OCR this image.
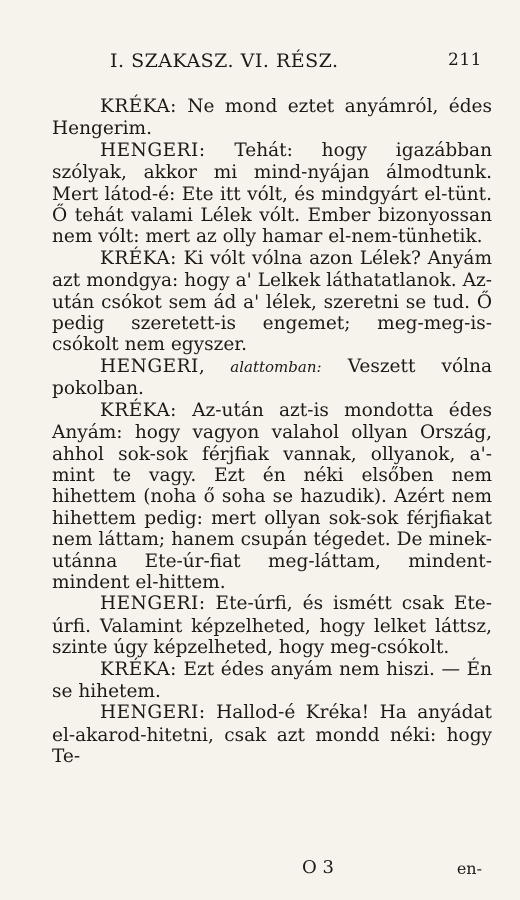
I. SZAKASZ. VI. RÉSZ.	211

KRÉKA: Ne mond eztet anyámról, édes Hengerim.

HENGERI: Tehát: hogy igazábban szólyak, akkor mi mind-nyájan álmodtunk. Mert látod-é: Ete itt vólt, és mindgyárt el-tünt. Ő tehát valami Lélek vólt. Ember bizonyossan nem vólt: mert az olly hamar el-nem-tünhetik.

KRÉKA: Ki vólt vólna azon Lélek? Anyám azt mondgya: hogy a' Lelkek láthatatlanok. Az-után csókot sem ád a' lélek, szeretni se tud. Ő pedig szeretett-is engemet; meg-meg-is-csókolt nem egyszer.

HENGERI, alattomban: Veszett vólna pokolban.

KRÉKA: Az-után azt-is mondotta édes Anyám: hogy vagyon valahol ollyan Ország, ahhol sok-sok férjfiak vannak, ollyanok, a'-mint te vagy. Ezt én néki elsőben nem hihettem (noha ő soha se hazudik). Azért nem hihettem pedig: mert ollyan sok-sok férjfiakat nem láttam; hanem csupán tégedet. De minek-utánna Ete-úr-fiat meg-láttam, mindent-mindent el-hittem.

HENGERI: Ete-úrfi, és ismétt csak Ete-úrfi. Valamint képzelheted, hogy lelket láttsz, szinte úgy képzelheted, hogy meg-csókolt.

KRÉKA: Ezt édes anyám nem hiszi. — Én se hihetem.

HENGERI: Hallod-é Kréka! Ha anyádat el-akarod-hitetni, csak azt mondd néki: hogy Te-

O 3	en-
